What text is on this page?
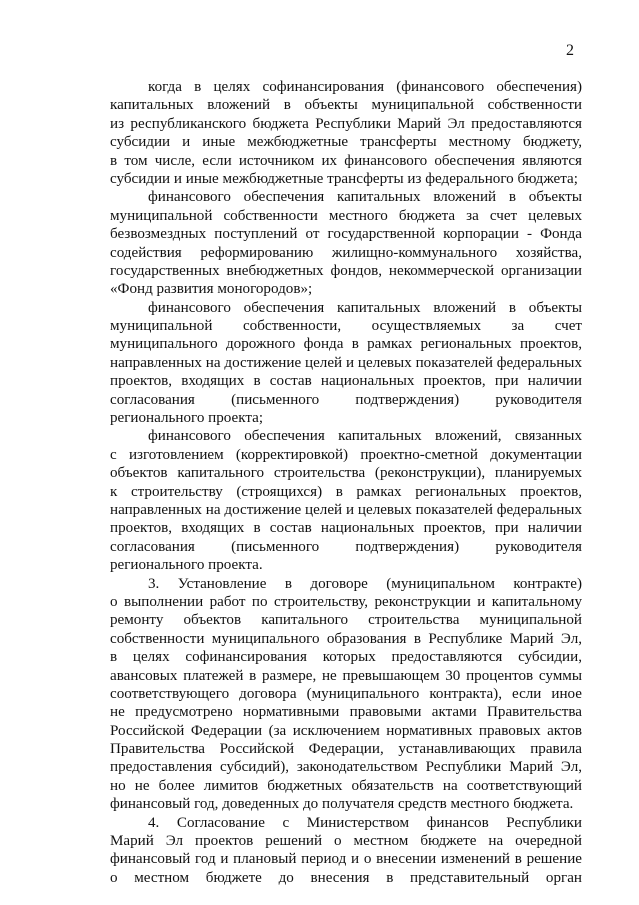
2
когда в целях софинансирования (финансового обеспечения)
капитальных вложений в объекты муниципальной собственности
из республиканского бюджета Республики Марий Эл предоставляются
субсидии и иные межбюджетные трансферты местному бюджету,
в том числе, если источником их финансового обеспечения являются
субсидии и иные межбюджетные трансферты из федерального бюджета;
финансового обеспечения капитальных вложений в объекты
муниципальной собственности местного бюджета за счет целевых
безвозмездных поступлений от государственной корпорации - Фонда
содействия реформированию жилищно-коммунального хозяйства,
государственных внебюджетных фондов, некоммерческой организации
«Фонд развития моногородов»;
финансового обеспечения капитальных вложений в объекты
муниципальной собственности, осуществляемых за счет
муниципального дорожного фонда в рамках региональных проектов,
направленных на достижение целей и целевых показателей федеральных
проектов, входящих в состав национальных проектов, при наличии
согласования (письменного подтверждения) руководителя
регионального проекта;
финансового обеспечения капитальных вложений, связанных
с изготовлением (корректировкой) проектно-сметной документации
объектов капитального строительства (реконструкции), планируемых
к строительству (строящихся) в рамках региональных проектов,
направленных на достижение целей и целевых показателей федеральных
проектов, входящих в состав национальных проектов, при наличии
согласования (письменного подтверждения) руководителя
регионального проекта.
3. Установление в договоре (муниципальном контракте)
о выполнении работ по строительству, реконструкции и капитальному
ремонту объектов капитального строительства муниципальной
собственности муниципального образования в Республике Марий Эл,
в целях софинансирования которых предоставляются субсидии,
авансовых платежей в размере, не превышающем 30 процентов суммы
соответствующего договора (муниципального контракта), если иное
не предусмотрено нормативными правовыми актами Правительства
Российской Федерации (за исключением нормативных правовых актов
Правительства Российской Федерации, устанавливающих правила
предоставления субсидий), законодательством Республики Марий Эл,
но не более лимитов бюджетных обязательств на соответствующий
финансовый год, доведенных до получателя средств местного бюджета.
4. Согласование с Министерством финансов Республики
Марий Эл проектов решений о местном бюджете на очередной
финансовый год и плановый период и о внесении изменений в решение
о местном бюджете до внесения в представительный орган
